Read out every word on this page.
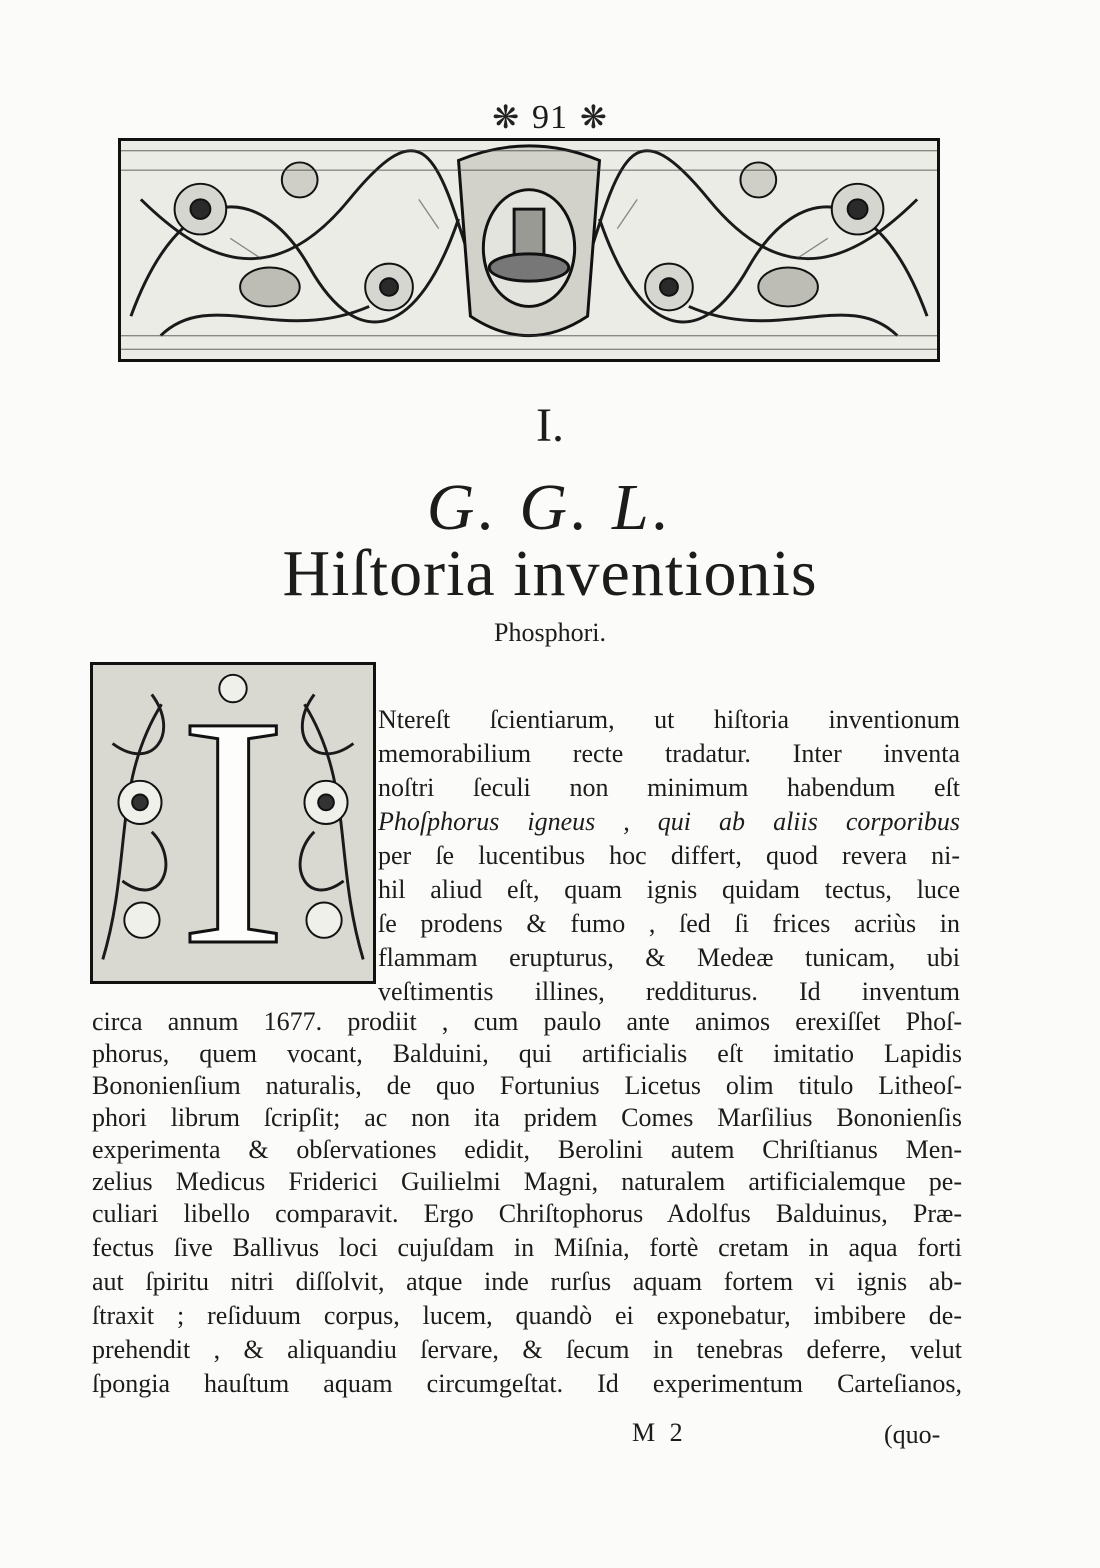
❋ 91 ❋
I.
G. G. L.
Hiſtoria inventionis
Phosphori.
I	Ntereſt ſcientiarum, ut hiſtoria inventionum
memorabilium recte tradatur. Inter inventa
noſtri ſeculi non minimum habendum eſt
Phoſphorus igneus , qui ab aliis corporibus
per ſe lucentibus hoc differt, quod revera ni-
hil aliud eſt, quam ignis quidam tectus, luce
ſe prodens & fumo , ſed ſi frices acriùs in
flammam erupturus, & Medeæ tunicam, ubi
veſtimentis illines, redditurus. Id inventum
circa annum 1677. prodiit , cum paulo ante animos erexiſſet Phoſ-
phorus, quem vocant, Balduini, qui artificialis eſt imitatio Lapidis
Bononienſium naturalis, de quo Fortunius Licetus olim titulo Litheoſ-
phori librum ſcripſit; ac non ita pridem Comes Marſilius Bononienſis
experimenta & obſervationes edidit, Berolini autem Chriſtianus Men-
zelius Medicus Friderici Guilielmi Magni, naturalem artificialemque pe-
culiari libello comparavit. Ergo Chriſtophorus Adolfus Balduinus, Præ-
fectus ſive Ballivus loci cujuſdam in Miſnia, fortè cretam in aqua forti
aut ſpiritu nitri diſſolvit, atque inde rurſus aquam fortem vi ignis ab-
ſtraxit ; reſiduum corpus, lucem, quandò ei exponebatur, imbibere de-
prehendit , & aliquandiu ſervare, & ſecum in tenebras deferre, velut
ſpongia hauſtum aquam circumgeſtat. Id experimentum Carteſianos,
M 2	(quo-
